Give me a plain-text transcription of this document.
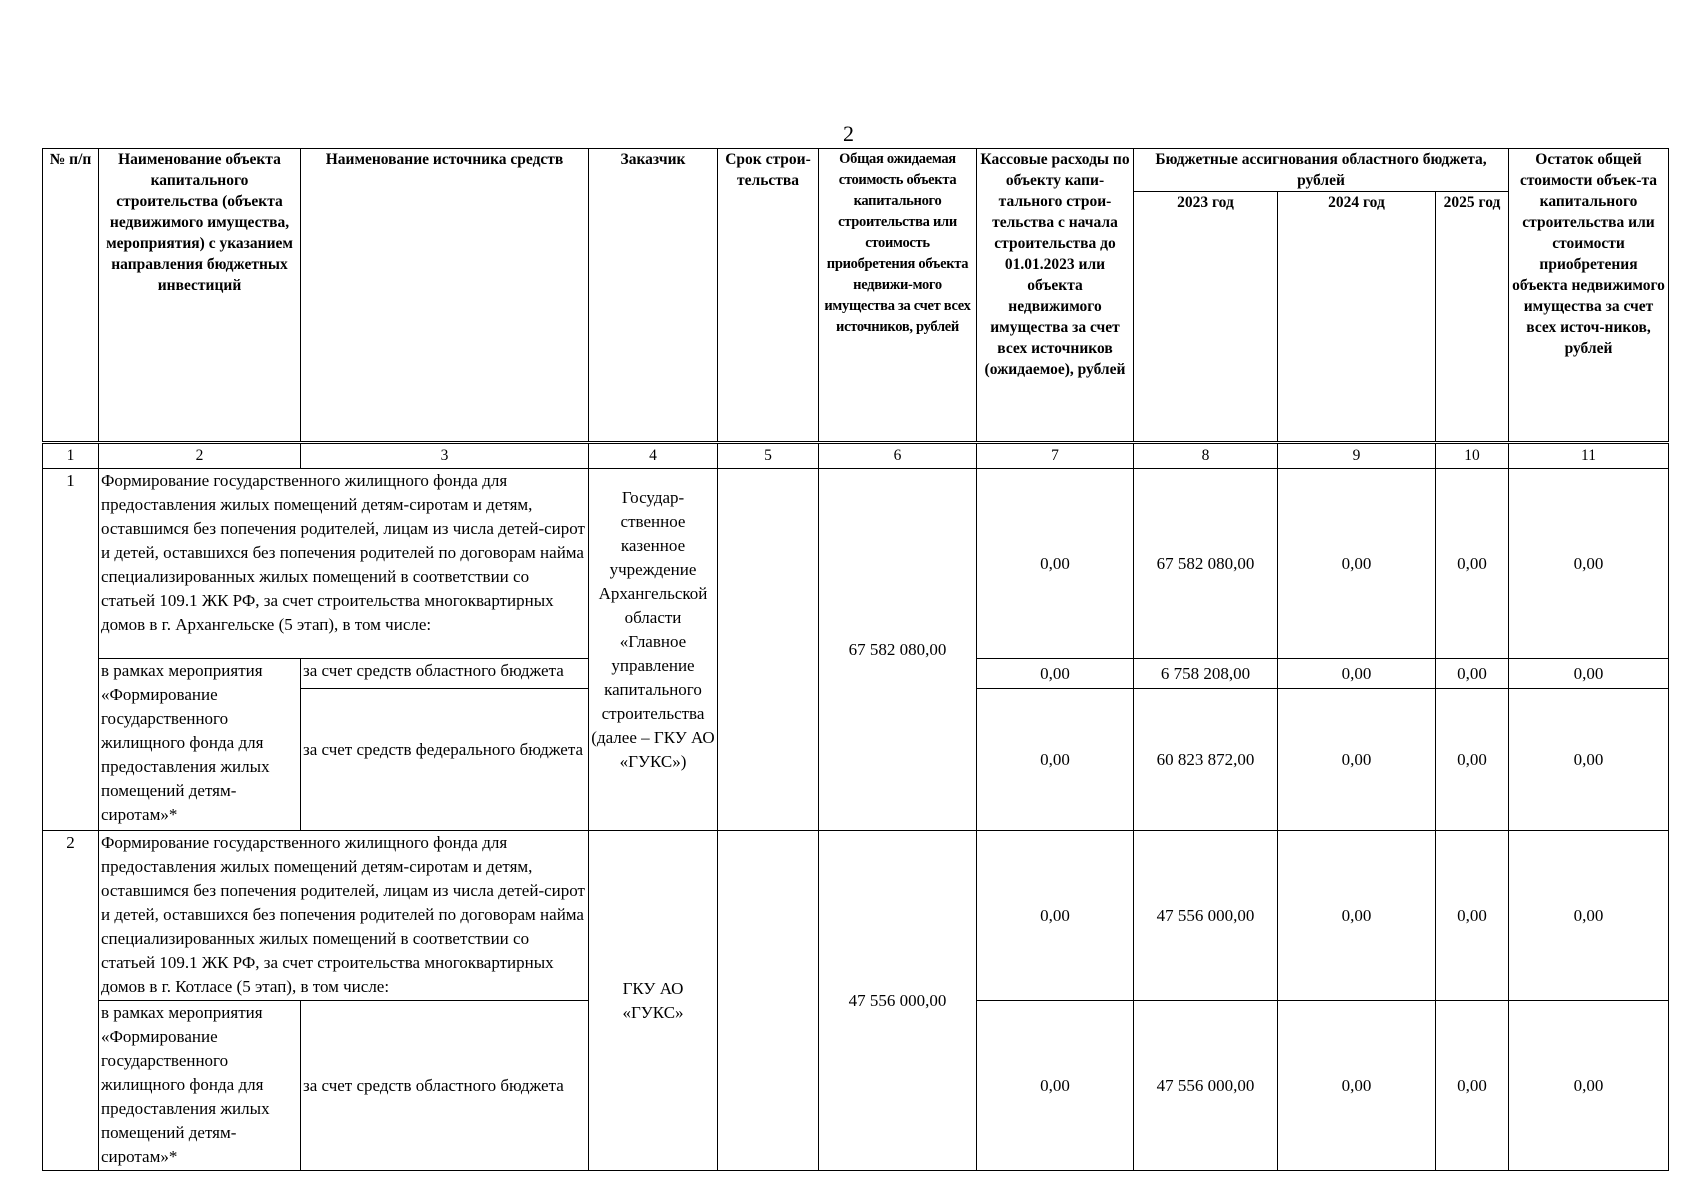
2
№ п/п	Наименование объекта капитального строительства (объекта недвижимого имущества, мероприятия) с указанием направления бюджетных инвестиций	Наименование источника средств	Заказчик	Срок строи-тельства	Общая ожидаемая стоимость объекта капитального строительства или стоимость приобретения объекта недвижи-мого имущества за счет всех источников, рублей	Кассовые расходы по объекту капи-тального строи-тельства с начала строительства до 01.01.2023 или объекта недвижимого имущества за счет всех источников (ожидаемое), рублей	Бюджетные ассигнования областного бюджета, рублей			Остаток общей стоимости объек-та капитального строительства или стоимости приобретения объекта недвижимого имущества за счет всех источ-ников, рублей
							2023 год	2024 год	2025 год	
1	2	3	4	5	6	7	8	9	10	11
1	Формирование государственного жилищного фонда для предоставления жилых помещений детям-сиротам и детям, оставшимся без попечения родителей, лицам из числа детей-сирот и детей, оставшихся без попечения родителей по договорам найма специализированных жилых помещений в соответствии со статьей 109.1 ЖК РФ, за счет строительства многоквартирных домов в г. Архангельске (5 этап), в том числе:		Государ-ственное казенное учреждение Архангельской области «Главное управление капитального строительства (далее – ГКУ АО «ГУКС»)		67 582 080,00	0,00	67 582 080,00	0,00	0,00	0,00
	в рамках мероприятия «Формирование государственного жилищного фонда для предоставления жилых помещений детям-сиротам»*	за счет средств областного бюджета				0,00	6 758 208,00	0,00	0,00	0,00
		за счет средств федерального бюджета				0,00	60 823 872,00	0,00	0,00	0,00
2	Формирование государственного жилищного фонда для предоставления жилых помещений детям-сиротам и детям, оставшимся без попечения родителей, лицам из числа детей-сирот и детей, оставшихся без попечения родителей по договорам найма специализированных жилых помещений в соответствии со статьей 109.1 ЖК РФ, за счет строительства многоквартирных домов в г. Котласе (5 этап), в том числе:		ГКУ АО «ГУКС»		47 556 000,00	0,00	47 556 000,00	0,00	0,00	0,00
	в рамках мероприятия «Формирование государственного жилищного фонда для предоставления жилых помещений детям-сиротам»*	за счет средств областного бюджета				0,00	47 556 000,00	0,00	0,00	0,00
